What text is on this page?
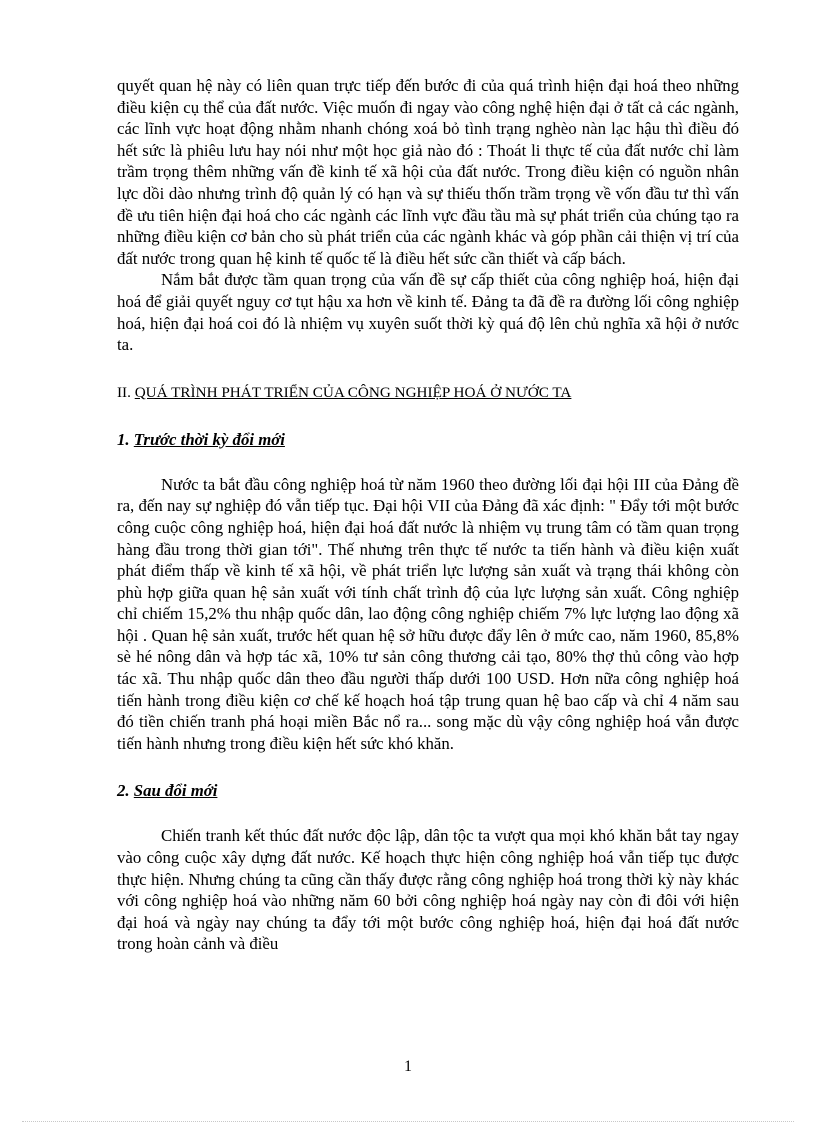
quyết quan hệ này có liên quan trực tiếp đến bước đi của quá trình hiện đại hoá theo những điều kiện cụ thể của đất nước. Việc muốn đi ngay vào công nghệ hiện đại ở tất cả các ngành, các lĩnh vực hoạt động nhằm nhanh chóng xoá bỏ tình trạng nghèo nàn lạc hậu thì điều đó hết sức là phiêu lưu hay nói như một học giả nào đó : Thoát li thực tế của đất nước chỉ làm trầm trọng thêm những vấn đề kinh tế xã hội của đất nước. Trong điều kiện có nguồn nhân lực dồi dào nhưng trình độ quản lý có hạn và sự thiếu thốn trầm trọng về vốn đầu tư thì vấn đề ưu tiên hiện đại hoá cho các ngành các lĩnh vực đầu tầu mà sự phát triển của chúng tạo ra những điều kiện cơ bản cho sù phát triển của các ngành khác và góp phần cải thiện vị trí của đất nước trong quan hệ kinh tế quốc tế là điều hết sức cần thiết và cấp bách.

Nắm bắt được tầm quan trọng của vấn đề sự cấp thiết của công nghiệp hoá, hiện đại hoá để giải quyết nguy cơ tụt hậu xa hơn về kinh tế. Đảng ta đã đề ra đường lối công nghiệp hoá, hiện đại hoá coi đó là nhiệm vụ xuyên suốt thời kỳ quá độ lên chủ nghĩa xã hội ở nước ta.

II. QUÁ TRÌNH PHÁT TRIỂN CỦA CÔNG NGHIỆP HOÁ Ở NƯỚC TA

1. Trước thời kỳ đổi mới

Nước ta bắt đầu công nghiệp hoá từ năm 1960 theo đường lối đại hội III của Đảng đề ra, đến nay sự nghiệp đó vẫn tiếp tục. Đại hội VII của Đảng đã xác định: " Đẩy tới một bước công cuộc công nghiệp hoá, hiện đại hoá đất nước là nhiệm vụ trung tâm có tầm quan trọng hàng đầu trong thời gian tới". Thế nhưng trên thực tế nước ta tiến hành và điều kiện xuất phát điểm thấp về kinh tế xã hội, về phát triển lực lượng sản xuất và trạng thái không còn phù hợp giữa quan hệ sản xuất với tính chất trình độ của lực lượng sản xuất. Công nghiệp chỉ chiếm 15,2% thu nhập quốc dân, lao động công nghiệp chiếm 7% lực lượng lao động xã hội . Quan hệ sản xuất, trước hết quan hệ sở hữu được đẩy lên ở mức cao, năm 1960, 85,8% sè hé nông dân và hợp tác xã, 10% tư sản công thương cải tạo, 80% thợ thủ công vào hợp tác xã. Thu nhập quốc dân theo đầu người thấp dưới 100 USD. Hơn nữa công nghiệp hoá tiến hành trong điều kiện cơ chế kế hoạch hoá tập trung quan hệ bao cấp và chỉ 4 năm sau đó tiền chiến tranh phá hoại miền Bắc nổ ra... song mặc dù vậy công nghiệp hoá vẫn được tiến hành nhưng trong điều kiện hết sức khó khăn.

2. Sau đổi mới

Chiến tranh kết thúc đất nước độc lập, dân tộc ta vượt qua mọi khó khăn bắt tay ngay vào công cuộc xây dựng đất nước. Kế hoạch thực hiện công nghiệp hoá vẫn tiếp tục được thực hiện. Nhưng chúng ta cũng cần thấy được rằng công nghiệp hoá trong thời kỳ này khác với công nghiệp hoá vào những năm 60 bởi công nghiệp hoá ngày nay còn đi đôi với hiện đại hoá và ngày nay chúng ta đẩy tới một bước công nghiệp hoá, hiện đại hoá đất nước trong hoàn cảnh và điều

1
